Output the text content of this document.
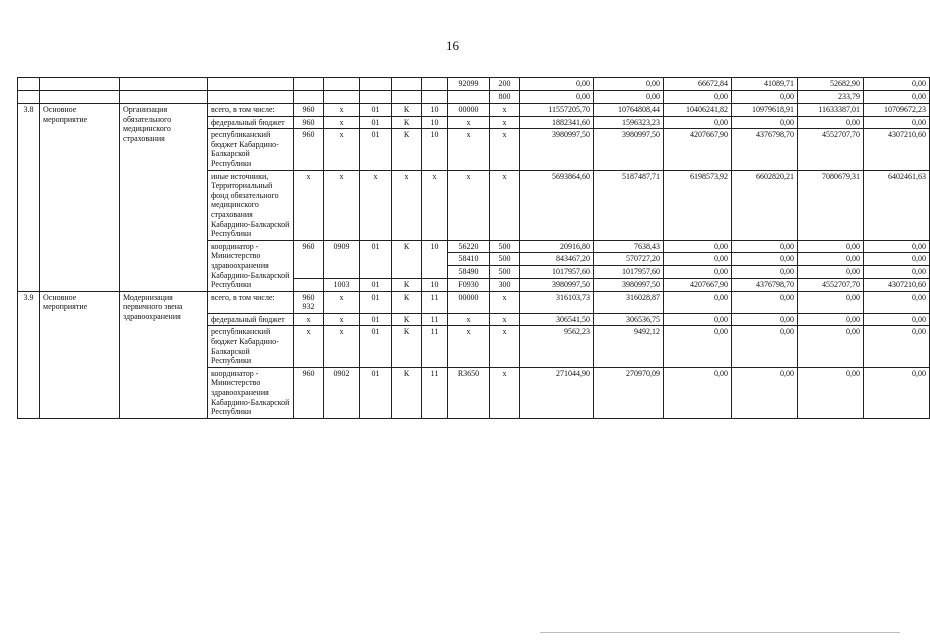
16
									92099	200	0,00	0,00	66672,84	41089,71	52682,90	0,00
										800	0,00	0,00	0,00	0,00	233,79	0,00
3.8	Основное мероприятие	Организация обязательного медицинского страхования	всего, в том числе:	960	х	01	К	10	00000	х	11557205,70	10764808,44	10406241,82	10979618,91	11633387,01	10709672,23
			федеральный бюджет	960	х	01	К	10	х	х	1882341,60	1596323,23	0,00	0,00	0,00	0,00
			республиканский бюджет Кабардино-Балкарской Республики	960	х	01	К	10	х	х	3980997,50	3980997,50	4207667,90	4376798,70	4552707,70	4307210,60
			иные источники, Территориальный фонд обязательного медицинского страхования Кабардино-Балкарской Республики	х	х	х	х	х	х	х	5693864,60	5187487,71	6198573,92	6602820,21	7080679,31	6402461,63
			координатор - Министерство здравоохранения Кабардино-Балкарской Республики	960	0909	01	К	10	56220	500	20916,80	7638,43	0,00	0,00	0,00	0,00
									58410	500	843467,20	570727,20	0,00	0,00	0,00	0,00
									58490	500	1017957,60	1017957,60	0,00	0,00	0,00	0,00
					1003	01	К	10	F0930	300	3980997,50	3980997,50	4207667,90	4376798,70	4552707,70	4307210,60
3.9	Основное мероприятие	Модернизация первичного звена здравоохранения	всего, в том числе:	960 932	х	01	К	11	00000	х	316103,73	316028,87	0,00	0,00	0,00	0,00
			федеральный бюджет	х	х	01	К	11	х	х	306541,50	306536,75	0,00	0,00	0,00	0,00
			республиканский бюджет Кабардино-Балкарской Республики	х	х	01	К	11	х	х	9562,23	9492,12	0,00	0,00	0,00	0,00
			координатор - Министерство здравоохранения Кабардино-Балкарской Республики	960	0902	01	К	11	R3650	х	271044,90	270970,09	0,00	0,00	0,00	0,00
